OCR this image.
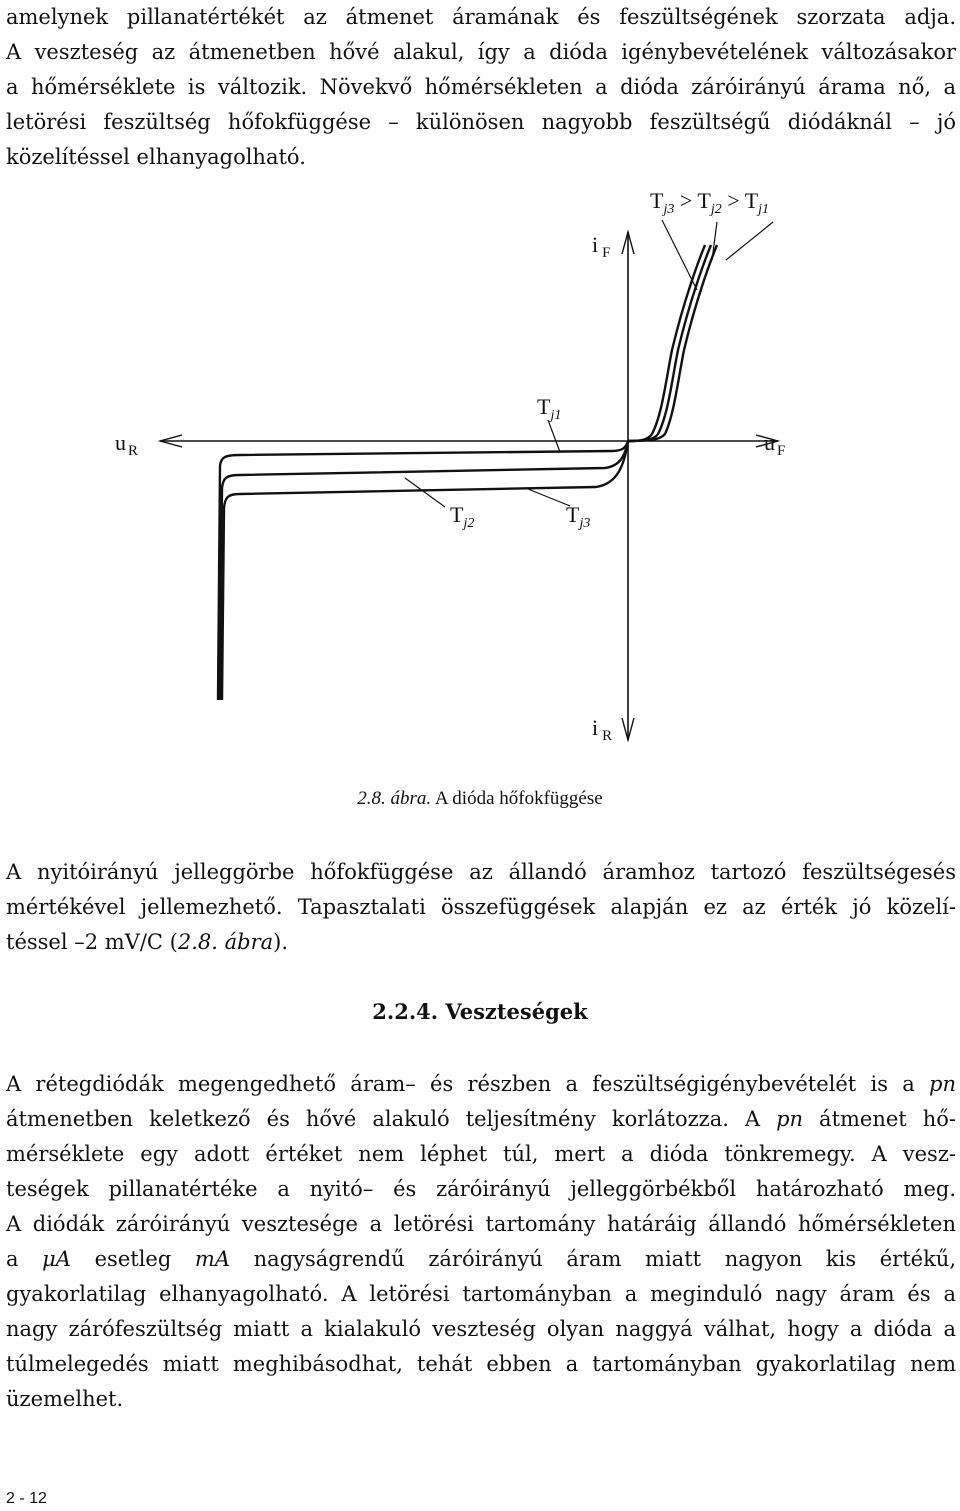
amelynek pillanatértékét az átmenet áramának és feszültségének szorzata adja.
A veszteség az átmenetben hővé alakul, így a dióda igénybevételének változásakor
a hőmérséklete is változik. Növekvő hőmérsékleten a dióda záróirányú árama nő, a
letörési feszültség hőfokfüggése – különösen nagyobb feszültségű diódáknál – jó
közelítéssel elhanyagolható.
i $_F$
u $_F$
u $_R$
i $_R$
$T_{j3} > T_{j2} > T_{j1}$
$T_{j1}$
$T_{j2}$	$T_{j3}$
2.8. ábra. A dióda hőfokfüggése
A nyitóirányú jelleggörbe hőfokfüggése az állandó áramhoz tartozó feszültségesés
mértékével jellemezhető. Tapasztalati összefüggések alapján ez az érték jó közelí-
téssel –2 mV/C (2.8. ábra).
2.2.4. Veszteségek
A rétegdiódák megengedhető áram– és részben a feszültségigénybevételét is a pn
átmenetben keletkező és hővé alakuló teljesítmény korlátozza. A pn átmenet hő-
mérséklete egy adott értéket nem léphet túl, mert a dióda tönkremegy. A vesz-
teségek pillanatértéke a nyitó– és záróirányú jelleggörbékből határozható meg.
A diódák záróirányú vesztesége a letörési tartomány határáig állandó hőmérsékleten
a μA esetleg mA nagyságrendű záróirányú áram miatt nagyon kis értékű,
gyakorlatilag elhanyagolható. A letörési tartományban a meginduló nagy áram és a
nagy zárófeszültség miatt a kialakuló veszteség olyan naggyá válhat, hogy a dióda a
túlmelegedés miatt meghibásodhat, tehát ebben a tartományban gyakorlatilag nem
üzemelhet.
2 - 12
